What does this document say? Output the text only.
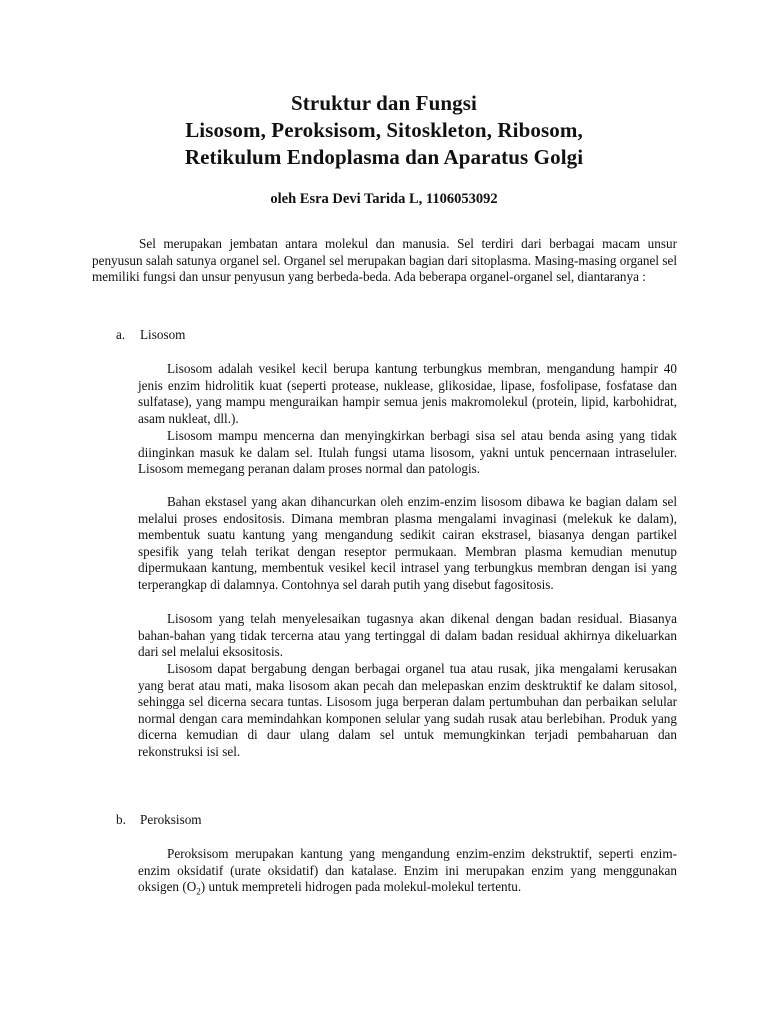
Struktur dan Fungsi
Lisosom, Peroksisom, Sitoskleton, Ribosom,
Retikulum Endoplasma dan Aparatus Golgi
oleh Esra Devi Tarida L, 1106053092

Sel merupakan jembatan antara molekul dan manusia. Sel terdiri dari berbagai macam unsur penyusun salah satunya organel sel. Organel sel merupakan bagian dari sitoplasma. Masing-masing organel sel memiliki fungsi dan unsur penyusun yang berbeda-beda. Ada beberapa organel-organel sel, diantaranya :

a. Lisosom

Lisosom adalah vesikel kecil berupa kantung terbungkus membran, mengandung hampir 40 jenis enzim hidrolitik kuat (seperti protease, nuklease, glikosidae, lipase, fosfolipase, fosfatase dan sulfatase), yang mampu menguraikan hampir semua jenis makromolekul (protein, lipid, karbohidrat, asam nukleat, dll.).

Lisosom mampu mencerna dan menyingkirkan berbagi sisa sel atau benda asing yang tidak diinginkan masuk ke dalam sel. Itulah fungsi utama lisosom, yakni untuk pencernaan intraseluler. Lisosom memegang peranan dalam proses normal dan patologis.

Bahan ekstasel yang akan dihancurkan oleh enzim-enzim lisosom dibawa ke bagian dalam sel melalui proses endositosis. Dimana membran plasma mengalami invaginasi (melekuk ke dalam), membentuk suatu kantung yang mengandung sedikit cairan ekstrasel, biasanya dengan partikel spesifik yang telah terikat dengan reseptor permukaan. Membran plasma kemudian menutup dipermukaan kantung, membentuk vesikel kecil intrasel yang terbungkus membran dengan isi yang terperangkap di dalamnya. Contohnya sel darah putih yang disebut fagositosis.

Lisosom yang telah menyelesaikan tugasnya akan dikenal dengan badan residual. Biasanya bahan-bahan yang tidak tercerna atau yang tertinggal di dalam badan residual akhirnya dikeluarkan dari sel melalui eksositosis.

Lisosom dapat bergabung dengan berbagai organel tua atau rusak, jika mengalami kerusakan yang berat atau mati, maka lisosom akan pecah dan melepaskan enzim desktruktif ke dalam sitosol, sehingga sel dicerna secara tuntas. Lisosom juga berperan dalam pertumbuhan dan perbaikan selular normal dengan cara memindahkan komponen selular yang sudah rusak atau berlebihan. Produk yang dicerna kemudian di daur ulang dalam sel untuk memungkinkan terjadi pembaharuan dan rekonstruksi isi sel.

b. Peroksisom

Peroksisom merupakan kantung yang mengandung enzim-enzim dekstruktif, seperti enzim-enzim oksidatif (urate oksidatif) dan katalase. Enzim ini merupakan enzim yang menggunakan oksigen $(O_2)$ untuk mempreteli hidrogen pada molekul-molekul tertentu.
